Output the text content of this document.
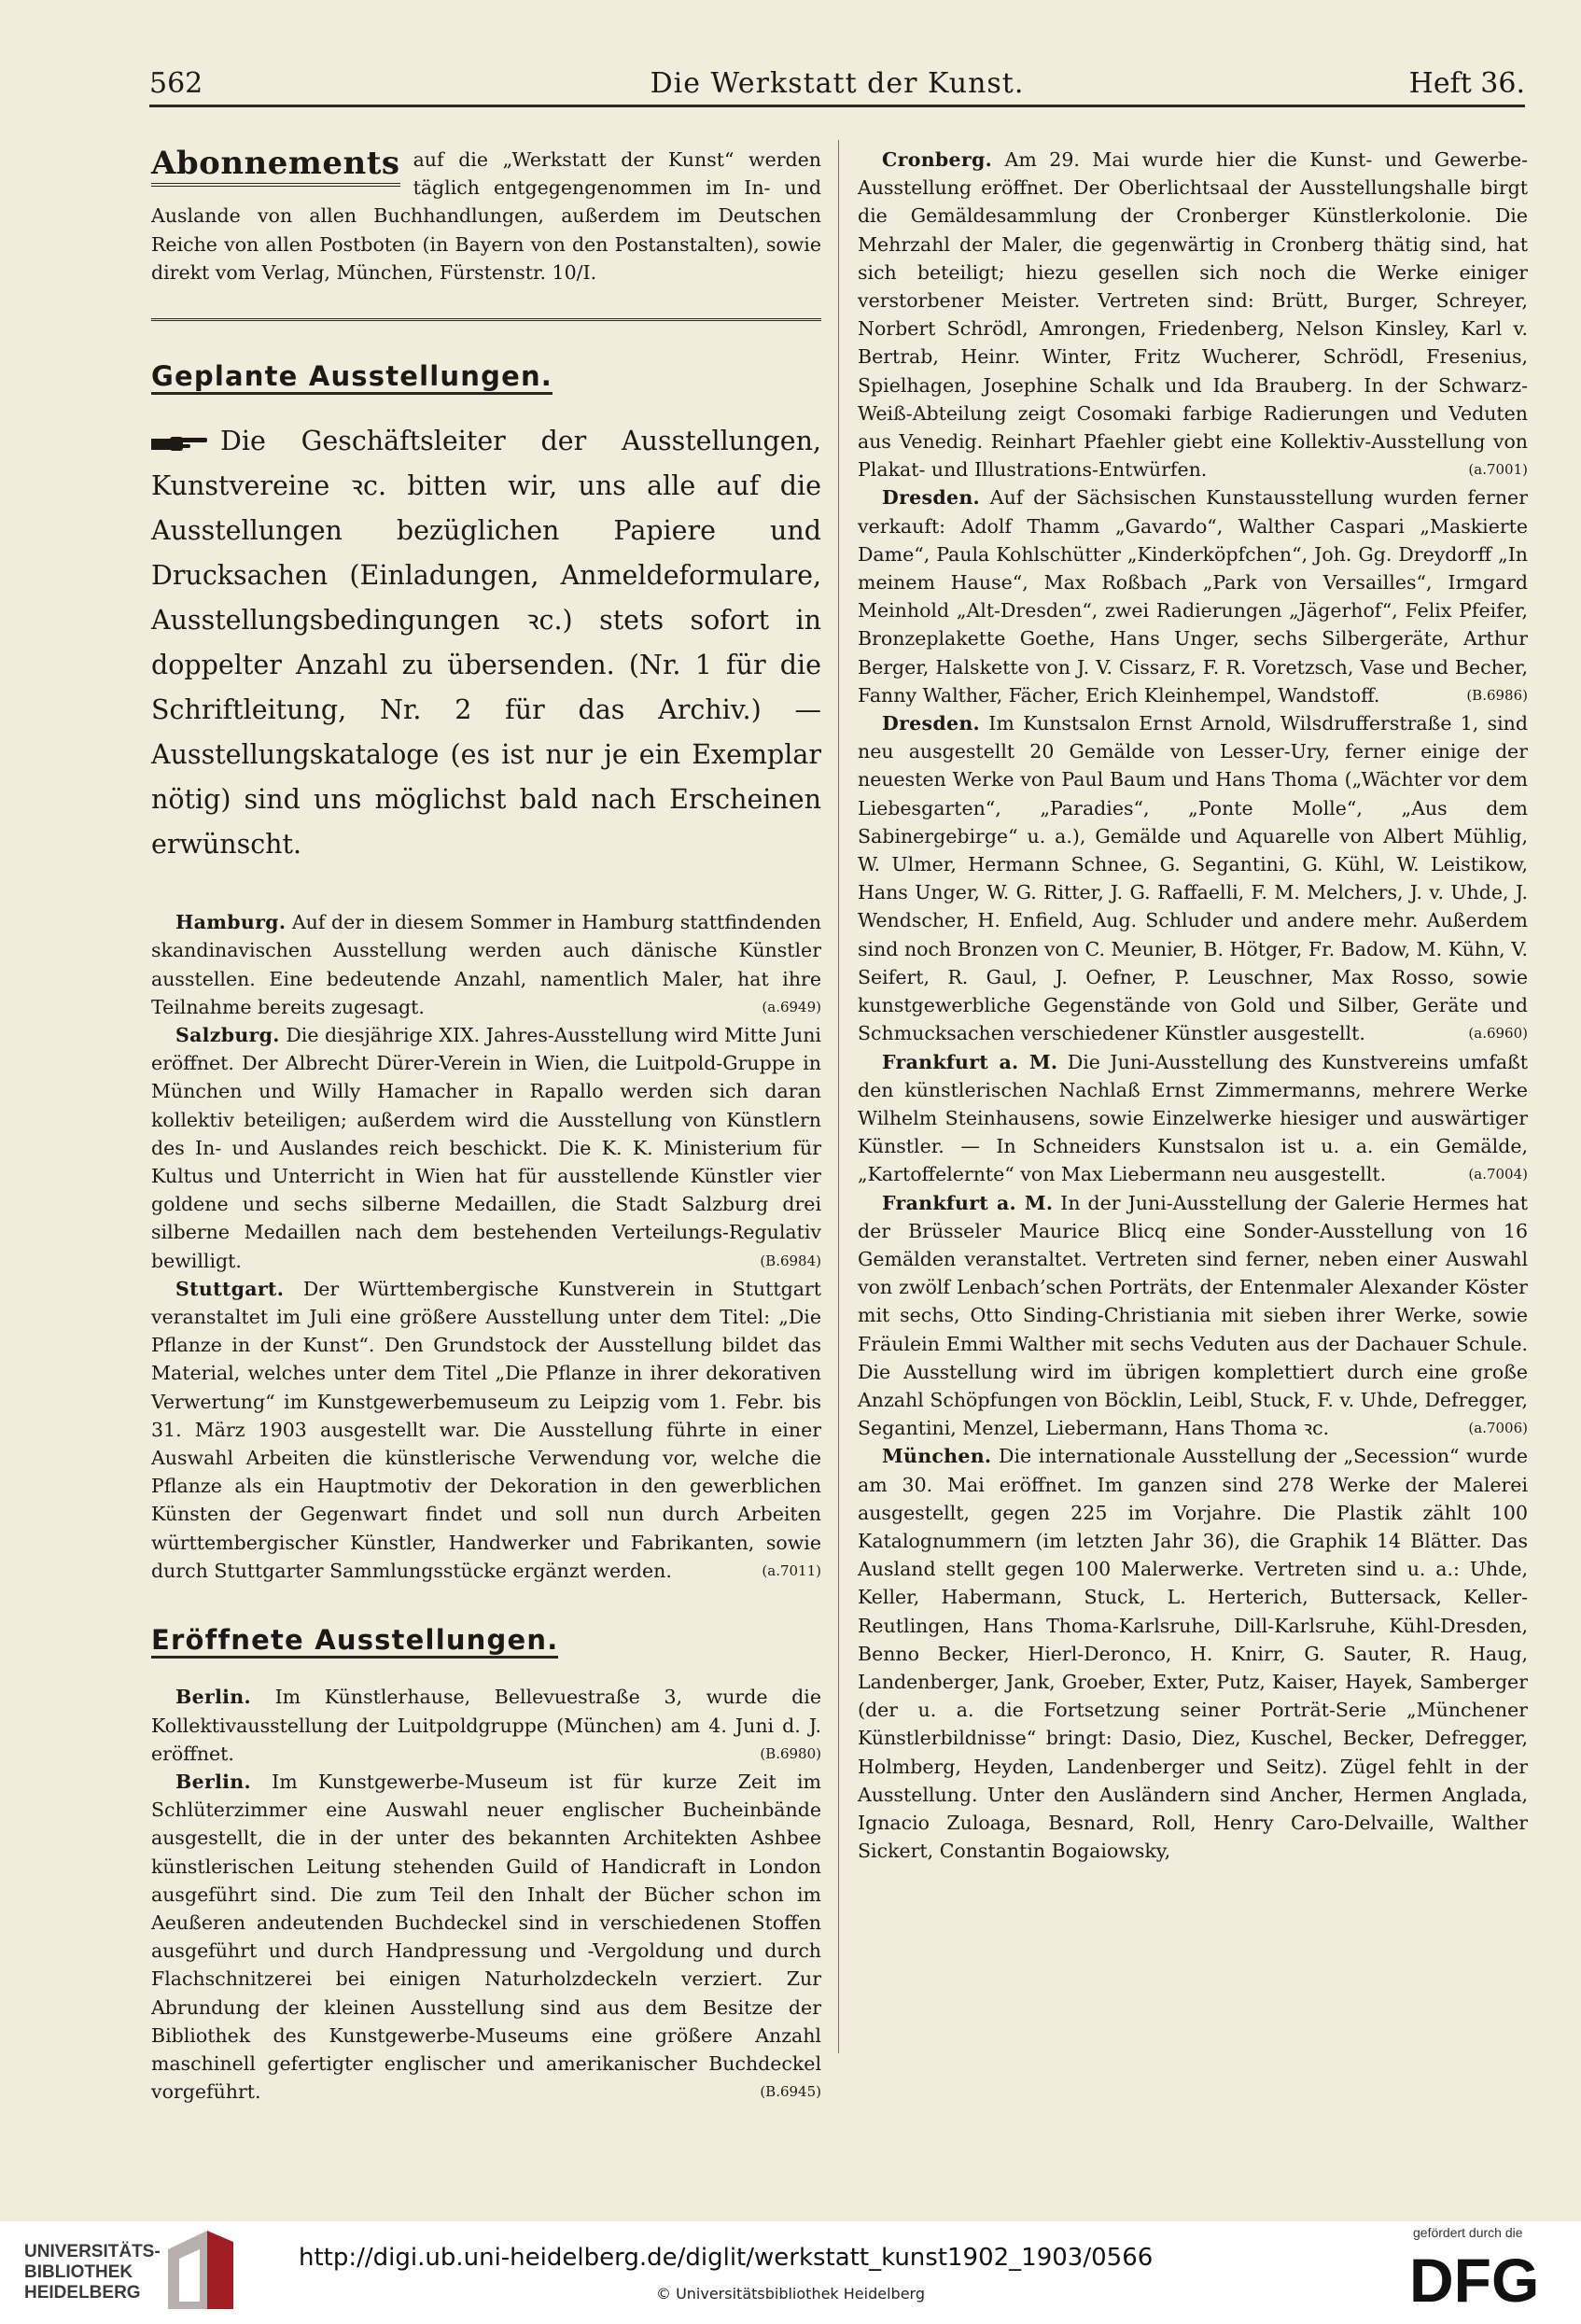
562	Die Werkstatt der Kunst.	Heft 36.
Abonnements auf die „Werkstatt der Kunst“ werden täglich entgegengenommen im In- und Auslande von allen Buchhandlungen, außerdem im Deutschen Reiche von allen Postboten (in Bayern von den Postanstalten), sowie direkt vom Verlag, München, Fürstenstr. 10/I.

Geplante Ausstellungen.

Die Geschäftsleiter der Ausstellungen, Kunstvereine ꝛc. bitten wir, uns alle auf die Ausstellungen bezüglichen Papiere und Drucksachen (Einladungen, Anmeldeformulare, Ausstellungsbedingungen ꝛc.) stets sofort in doppelter Anzahl zu übersenden. (Nr. 1 für die Schriftleitung, Nr. 2 für das Archiv.) — Ausstellungskataloge (es ist nur je ein Exemplar nötig) sind uns möglichst bald nach Erscheinen erwünscht.

Hamburg. Auf der in diesem Sommer in Hamburg stattfindenden skandinavischen Ausstellung werden auch dänische Künstler ausstellen. Eine bedeutende Anzahl, namentlich Maler, hat ihre Teilnahme bereits zugesagt.	(a.6949)

Salzburg. Die diesjährige XIX. Jahres-Ausstellung wird Mitte Juni eröffnet. Der Albrecht Dürer-Verein in Wien, die Luitpold-Gruppe in München und Willy Hamacher in Rapallo werden sich daran kollektiv beteiligen; außerdem wird die Ausstellung von Künstlern des In- und Auslandes reich beschickt. Die K. K. Ministerium für Kultus und Unterricht in Wien hat für ausstellende Künstler vier goldene und sechs silberne Medaillen, die Stadt Salzburg drei silberne Medaillen nach dem bestehenden Verteilungs-Regulativ bewilligt.	(B.6984)

Stuttgart. Der Württembergische Kunstverein in Stuttgart veranstaltet im Juli eine größere Ausstellung unter dem Titel: „Die Pflanze in der Kunst“. Den Grundstock der Ausstellung bildet das Material, welches unter dem Titel „Die Pflanze in ihrer dekorativen Verwertung“ im Kunstgewerbemuseum zu Leipzig vom 1. Febr. bis 31. März 1903 ausgestellt war. Die Ausstellung führte in einer Auswahl Arbeiten die künstlerische Verwendung vor, welche die Pflanze als ein Hauptmotiv der Dekoration in den gewerblichen Künsten der Gegenwart findet und soll nun durch Arbeiten württembergischer Künstler, Handwerker und Fabrikanten, sowie durch Stuttgarter Sammlungsstücke ergänzt werden.	(a.7011)

Eröffnete Ausstellungen.

Berlin. Im Künstlerhause, Bellevuestraße 3, wurde die Kollektivausstellung der Luitpoldgruppe (München) am 4. Juni d. J. eröffnet.	(B.6980)

Berlin. Im Kunstgewerbe-Museum ist für kurze Zeit im Schlüterzimmer eine Auswahl neuer englischer Bucheinbände ausgestellt, die in der unter des bekannten Architekten Ashbee künstlerischen Leitung stehenden Guild of Handicraft in London ausgeführt sind. Die zum Teil den Inhalt der Bücher schon im Aeußeren andeutenden Buchdeckel sind in verschiedenen Stoffen ausgeführt und durch Handpressung und -Vergoldung und durch Flachschnitzerei bei einigen Naturholzdeckeln verziert. Zur Abrundung der kleinen Ausstellung sind aus dem Besitze der Bibliothek des Kunstgewerbe-Museums eine größere Anzahl maschinell gefertigter englischer und amerikanischer Buchdeckel vorgeführt.	(B.6945)

Cronberg. Am 29. Mai wurde hier die Kunst- und Gewerbe-Ausstellung eröffnet. Der Oberlichtsaal der Ausstellungshalle birgt die Gemäldesammlung der Cronberger Künstlerkolonie. Die Mehrzahl der Maler, die gegenwärtig in Cronberg thätig sind, hat sich beteiligt; hiezu gesellen sich noch die Werke einiger verstorbener Meister. Vertreten sind: Brütt, Burger, Schreyer, Norbert Schrödl, Amrongen, Friedenberg, Nelson Kinsley, Karl v. Bertrab, Heinr. Winter, Fritz Wucherer, Schrödl, Fresenius, Spielhagen, Josephine Schalk und Ida Brauberg. In der Schwarz-Weiß-Abteilung zeigt Cosomaki farbige Radierungen und Veduten aus Venedig. Reinhart Pfaehler giebt eine Kollektiv-Ausstellung von Plakat- und Illustrations-Entwürfen.	(a.7001)

Dresden. Auf der Sächsischen Kunstausstellung wurden ferner verkauft: Adolf Thamm „Gavardo“, Walther Caspari „Maskierte Dame“, Paula Kohlschütter „Kinderköpfchen“, Joh. Gg. Dreydorff „In meinem Hause“, Max Roßbach „Park von Versailles“, Irmgard Meinhold „Alt-Dresden“, zwei Radierungen „Jägerhof“, Felix Pfeifer, Bronzeplakette Goethe, Hans Unger, sechs Silbergeräte, Arthur Berger, Halskette von J. V. Cissarz, F. R. Voretzsch, Vase und Becher, Fanny Walther, Fächer, Erich Kleinhempel, Wandstoff.	(B.6986)

Dresden. Im Kunstsalon Ernst Arnold, Wilsdrufferstraße 1, sind neu ausgestellt 20 Gemälde von Lesser-Ury, ferner einige der neuesten Werke von Paul Baum und Hans Thoma („Wächter vor dem Liebesgarten“, „Paradies“, „Ponte Molle“, „Aus dem Sabinergebirge“ u. a.), Gemälde und Aquarelle von Albert Mühlig, W. Ulmer, Hermann Schnee, G. Segantini, G. Kühl, W. Leistikow, Hans Unger, W. G. Ritter, J. G. Raffaelli, F. M. Melchers, J. v. Uhde, J. Wendscher, H. Enfield, Aug. Schluder und andere mehr. Außerdem sind noch Bronzen von C. Meunier, B. Hötger, Fr. Badow, M. Kühn, V. Seifert, R. Gaul, J. Oefner, P. Leuschner, Max Rosso, sowie kunstgewerbliche Gegenstände von Gold und Silber, Geräte und Schmucksachen verschiedener Künstler ausgestellt.	(a.6960)

Frankfurt a. M. Die Juni-Ausstellung des Kunstvereins umfaßt den künstlerischen Nachlaß Ernst Zimmermanns, mehrere Werke Wilhelm Steinhausens, sowie Einzelwerke hiesiger und auswärtiger Künstler. — In Schneiders Kunstsalon ist u. a. ein Gemälde, „Kartoffelernte“ von Max Liebermann neu ausgestellt.	(a.7004)

Frankfurt a. M. In der Juni-Ausstellung der Galerie Hermes hat der Brüsseler Maurice Blicq eine Sonder-Ausstellung von 16 Gemälden veranstaltet. Vertreten sind ferner, neben einer Auswahl von zwölf Lenbach’schen Porträts, der Entenmaler Alexander Köster mit sechs, Otto Sinding-Christiania mit sieben ihrer Werke, sowie Fräulein Emmi Walther mit sechs Veduten aus der Dachauer Schule. Die Ausstellung wird im übrigen komplettiert durch eine große Anzahl Schöpfungen von Böcklin, Leibl, Stuck, F. v. Uhde, Defregger, Segantini, Menzel, Liebermann, Hans Thoma ꝛc.	(a.7006)

München. Die internationale Ausstellung der „Secession“ wurde am 30. Mai eröffnet. Im ganzen sind 278 Werke der Malerei ausgestellt, gegen 225 im Vorjahre. Die Plastik zählt 100 Katalognummern (im letzten Jahr 36), die Graphik 14 Blätter. Das Ausland stellt gegen 100 Malerwerke. Vertreten sind u. a.: Uhde, Keller, Habermann, Stuck, L. Herterich, Buttersack, Keller-Reutlingen, Hans Thoma-Karlsruhe, Dill-Karlsruhe, Kühl-Dresden, Benno Becker, Hierl-Deronco, H. Knirr, G. Sauter, R. Haug, Landenberger, Jank, Groeber, Exter, Putz, Kaiser, Hayek, Samberger (der u. a. die Fortsetzung seiner Porträt-Serie „Münchener Künstlerbildnisse“ bringt: Dasio, Diez, Kuschel, Becker, Defregger, Holmberg, Heyden, Landenberger und Seitz). Zügel fehlt in der Ausstellung. Unter den Ausländern sind Ancher, Hermen Anglada, Ignacio Zuloaga, Besnard, Roll, Henry Caro-Delvaille, Walther Sickert, Constantin Bogaiowsky,

UNIVERSITÄTS-
BIBLIOTHEK
HEIDELBERG
http://digi.ub.uni-heidelberg.de/diglit/werkstatt_kunst1902_1903/0566
© Universitätsbibliothek Heidelberg
gefördert durch die
DFG
